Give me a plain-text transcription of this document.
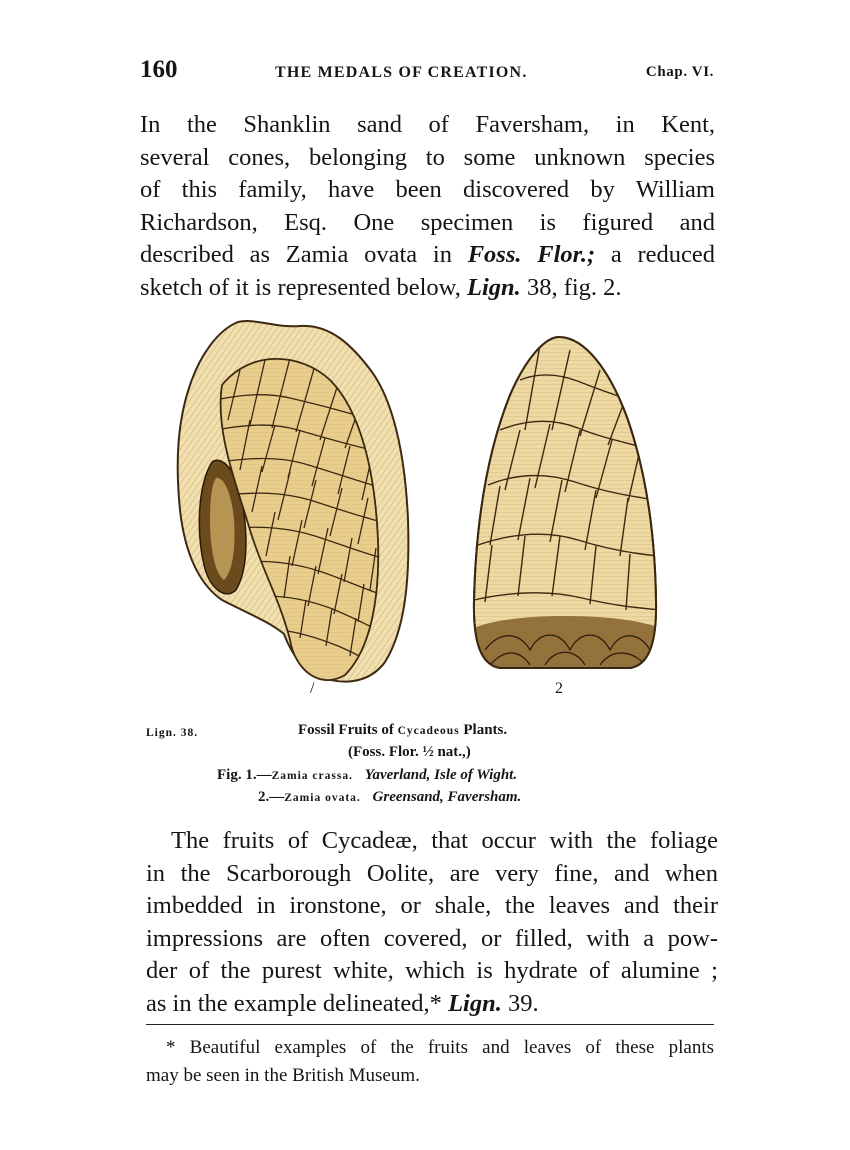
160	THE MEDALS OF CREATION.	Chap. VI.

In the Shanklin sand of Faversham, in Kent,
several cones, belonging to some unknown species
of this family, have been discovered by William
Richardson, Esq. One specimen is figured and
described as Zamia ovata in Foss. Flor.; a reduced
sketch of it is represented below, Lign. 38, fig. 2.

/	2
Lign. 38.	Fossil Fruits of Cycadeous Plants.
(Foss. Flor. ½ nat.,)
Fig. 1.—Zamia crassa. Yaverland, Isle of Wight.
2.—Zamia ovata. Greensand, Faversham.

The fruits of Cycadeæ, that occur with the foliage
in the Scarborough Oolite, are very fine, and when
imbedded in ironstone, or shale, the leaves and their
impressions are often covered, or filled, with a pow-
der of the purest white, which is hydrate of alumine ;
as in the example delineated,* Lign. 39.

* Beautiful examples of the fruits and leaves of these plants
may be seen in the British Museum.
